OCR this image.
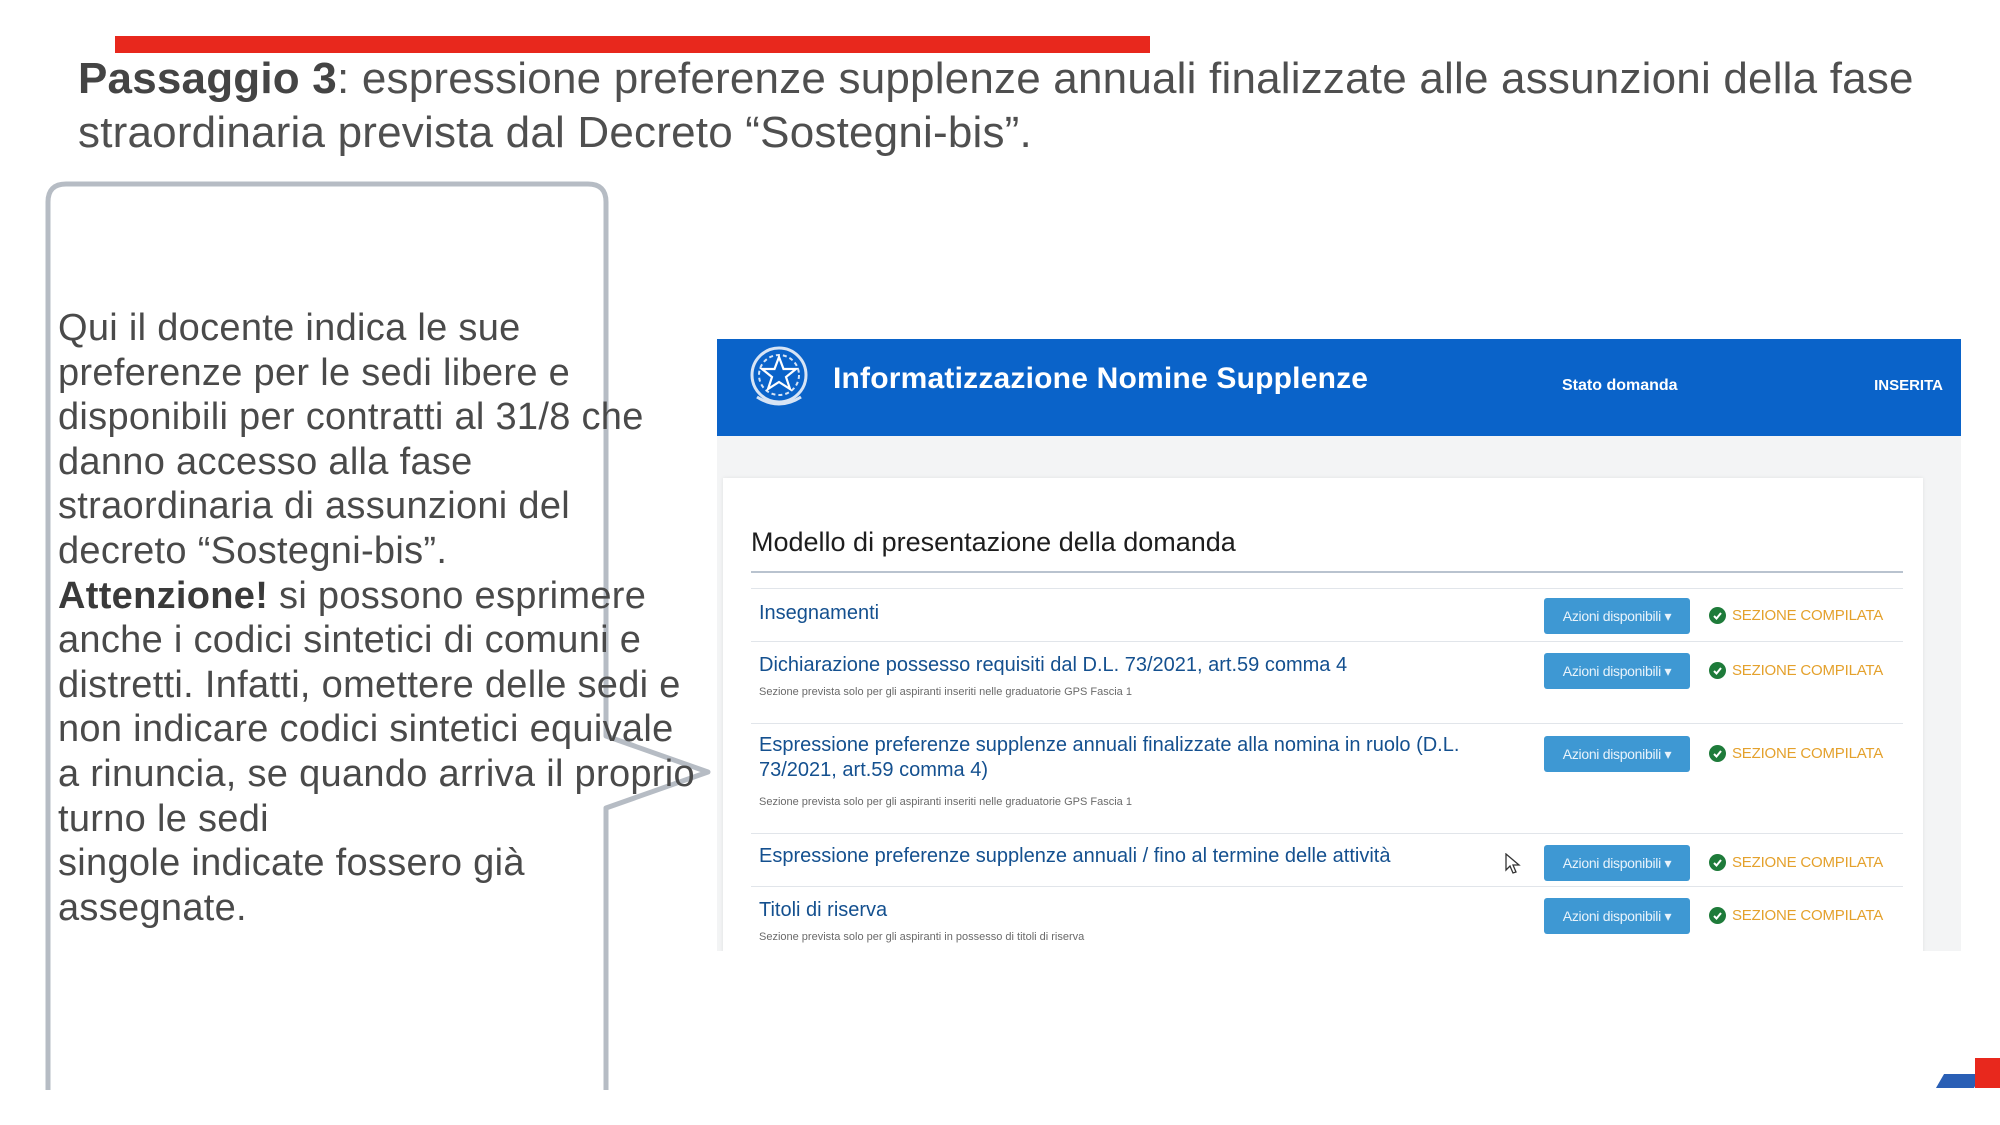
Passaggio 3: espressione preferenze supplenze annuali finalizzate alle assunzioni della fase straordinaria prevista dal Decreto “Sostegni-bis”.
Qui il docente indica le sue preferenze per le sedi libere e disponibili per contratti al 31/8 che danno accesso alla fase straordinaria di assunzioni del decreto “Sostegni-bis”.
Attenzione! si possono esprimere anche i codici sintetici di comuni e distretti. Infatti, omettere delle sedi e non indicare codici sintetici equivale a rinuncia, se quando arriva il proprio turno le sedi
singole indicate fossero già assegnate.
Informatizzazione Nomine Supplenze	Stato domanda	INSERITA
Modello di presentazione della domanda
Insegnamenti	Azioni disponibili ▾	SEZIONE COMPILATA
Dichiarazione possesso requisiti dal D.L. 73/2021, art.59 comma 4
Sezione prevista solo per gli aspiranti inseriti nelle graduatorie GPS Fascia 1
Azioni disponibili ▾	SEZIONE COMPILATA
Espressione preferenze supplenze annuali finalizzate alla nomina in ruolo (D.L.
73/2021, art.59 comma 4)
Sezione prevista solo per gli aspiranti inseriti nelle graduatorie GPS Fascia 1
Azioni disponibili ▾	SEZIONE COMPILATA
Espressione preferenze supplenze annuali / fino al termine delle attività	Azioni disponibili ▾	SEZIONE COMPILATA
Titoli di riserva
Sezione prevista solo per gli aspiranti in possesso di titoli di riserva
Azioni disponibili ▾	SEZIONE COMPILATA
